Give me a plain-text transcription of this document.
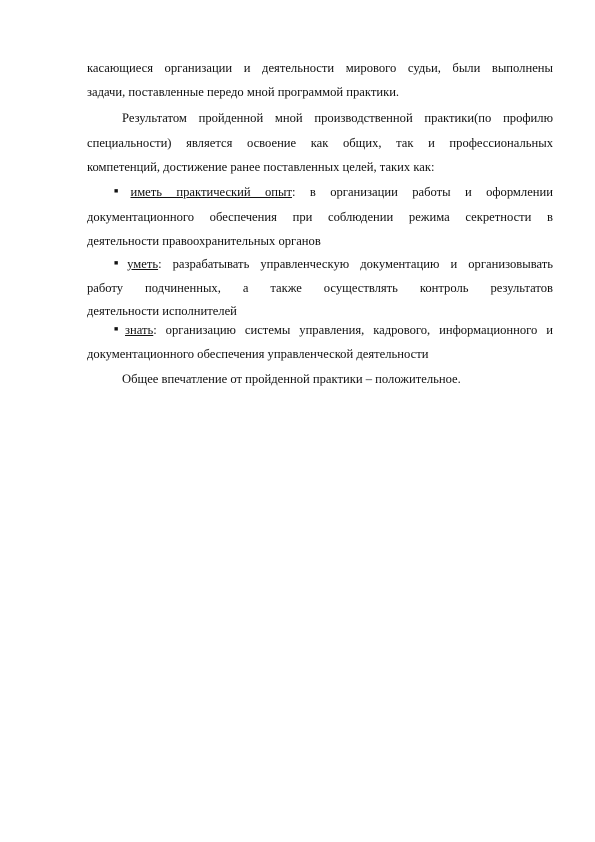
касающиеся организации и деятельности мирового судьи, были выполнены
задачи, поставленные передо мной программой практики.
Результатом пройденной мной производственной практики(по профилю
специальности) является освоение как общих, так и профессиональных
компетенций, достижение ранее поставленных целей, таких как:
■иметь практический опыт: в организации работы и оформлении
документационного обеспечения при соблюдении режима секретности в
деятельности правоохранительных органов
■уметь: разрабатывать управленческую документацию и организовывать
работу подчиненных, а также осуществлять контроль результатов
деятельности исполнителей
■знать: организацию системы управления, кадрового, информационного и
документационного обеспечения управленческой деятельности
Общее впечатление от пройденной практики – положительное.
